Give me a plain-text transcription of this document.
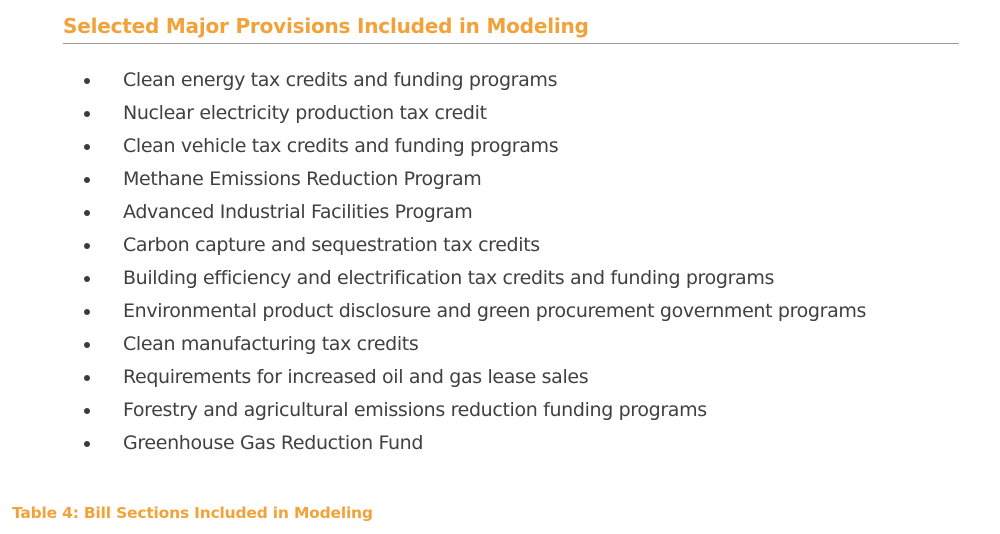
Selected Major Provisions Included in Modeling
Clean energy tax credits and funding programs
Nuclear electricity production tax credit
Clean vehicle tax credits and funding programs
Methane Emissions Reduction Program
Advanced Industrial Facilities Program
Carbon capture and sequestration tax credits
Building efficiency and electrification tax credits and funding programs
Environmental product disclosure and green procurement government programs
Clean manufacturing tax credits
Requirements for increased oil and gas lease sales
Forestry and agricultural emissions reduction funding programs
Greenhouse Gas Reduction Fund

Table 4: Bill Sections Included in Modeling
